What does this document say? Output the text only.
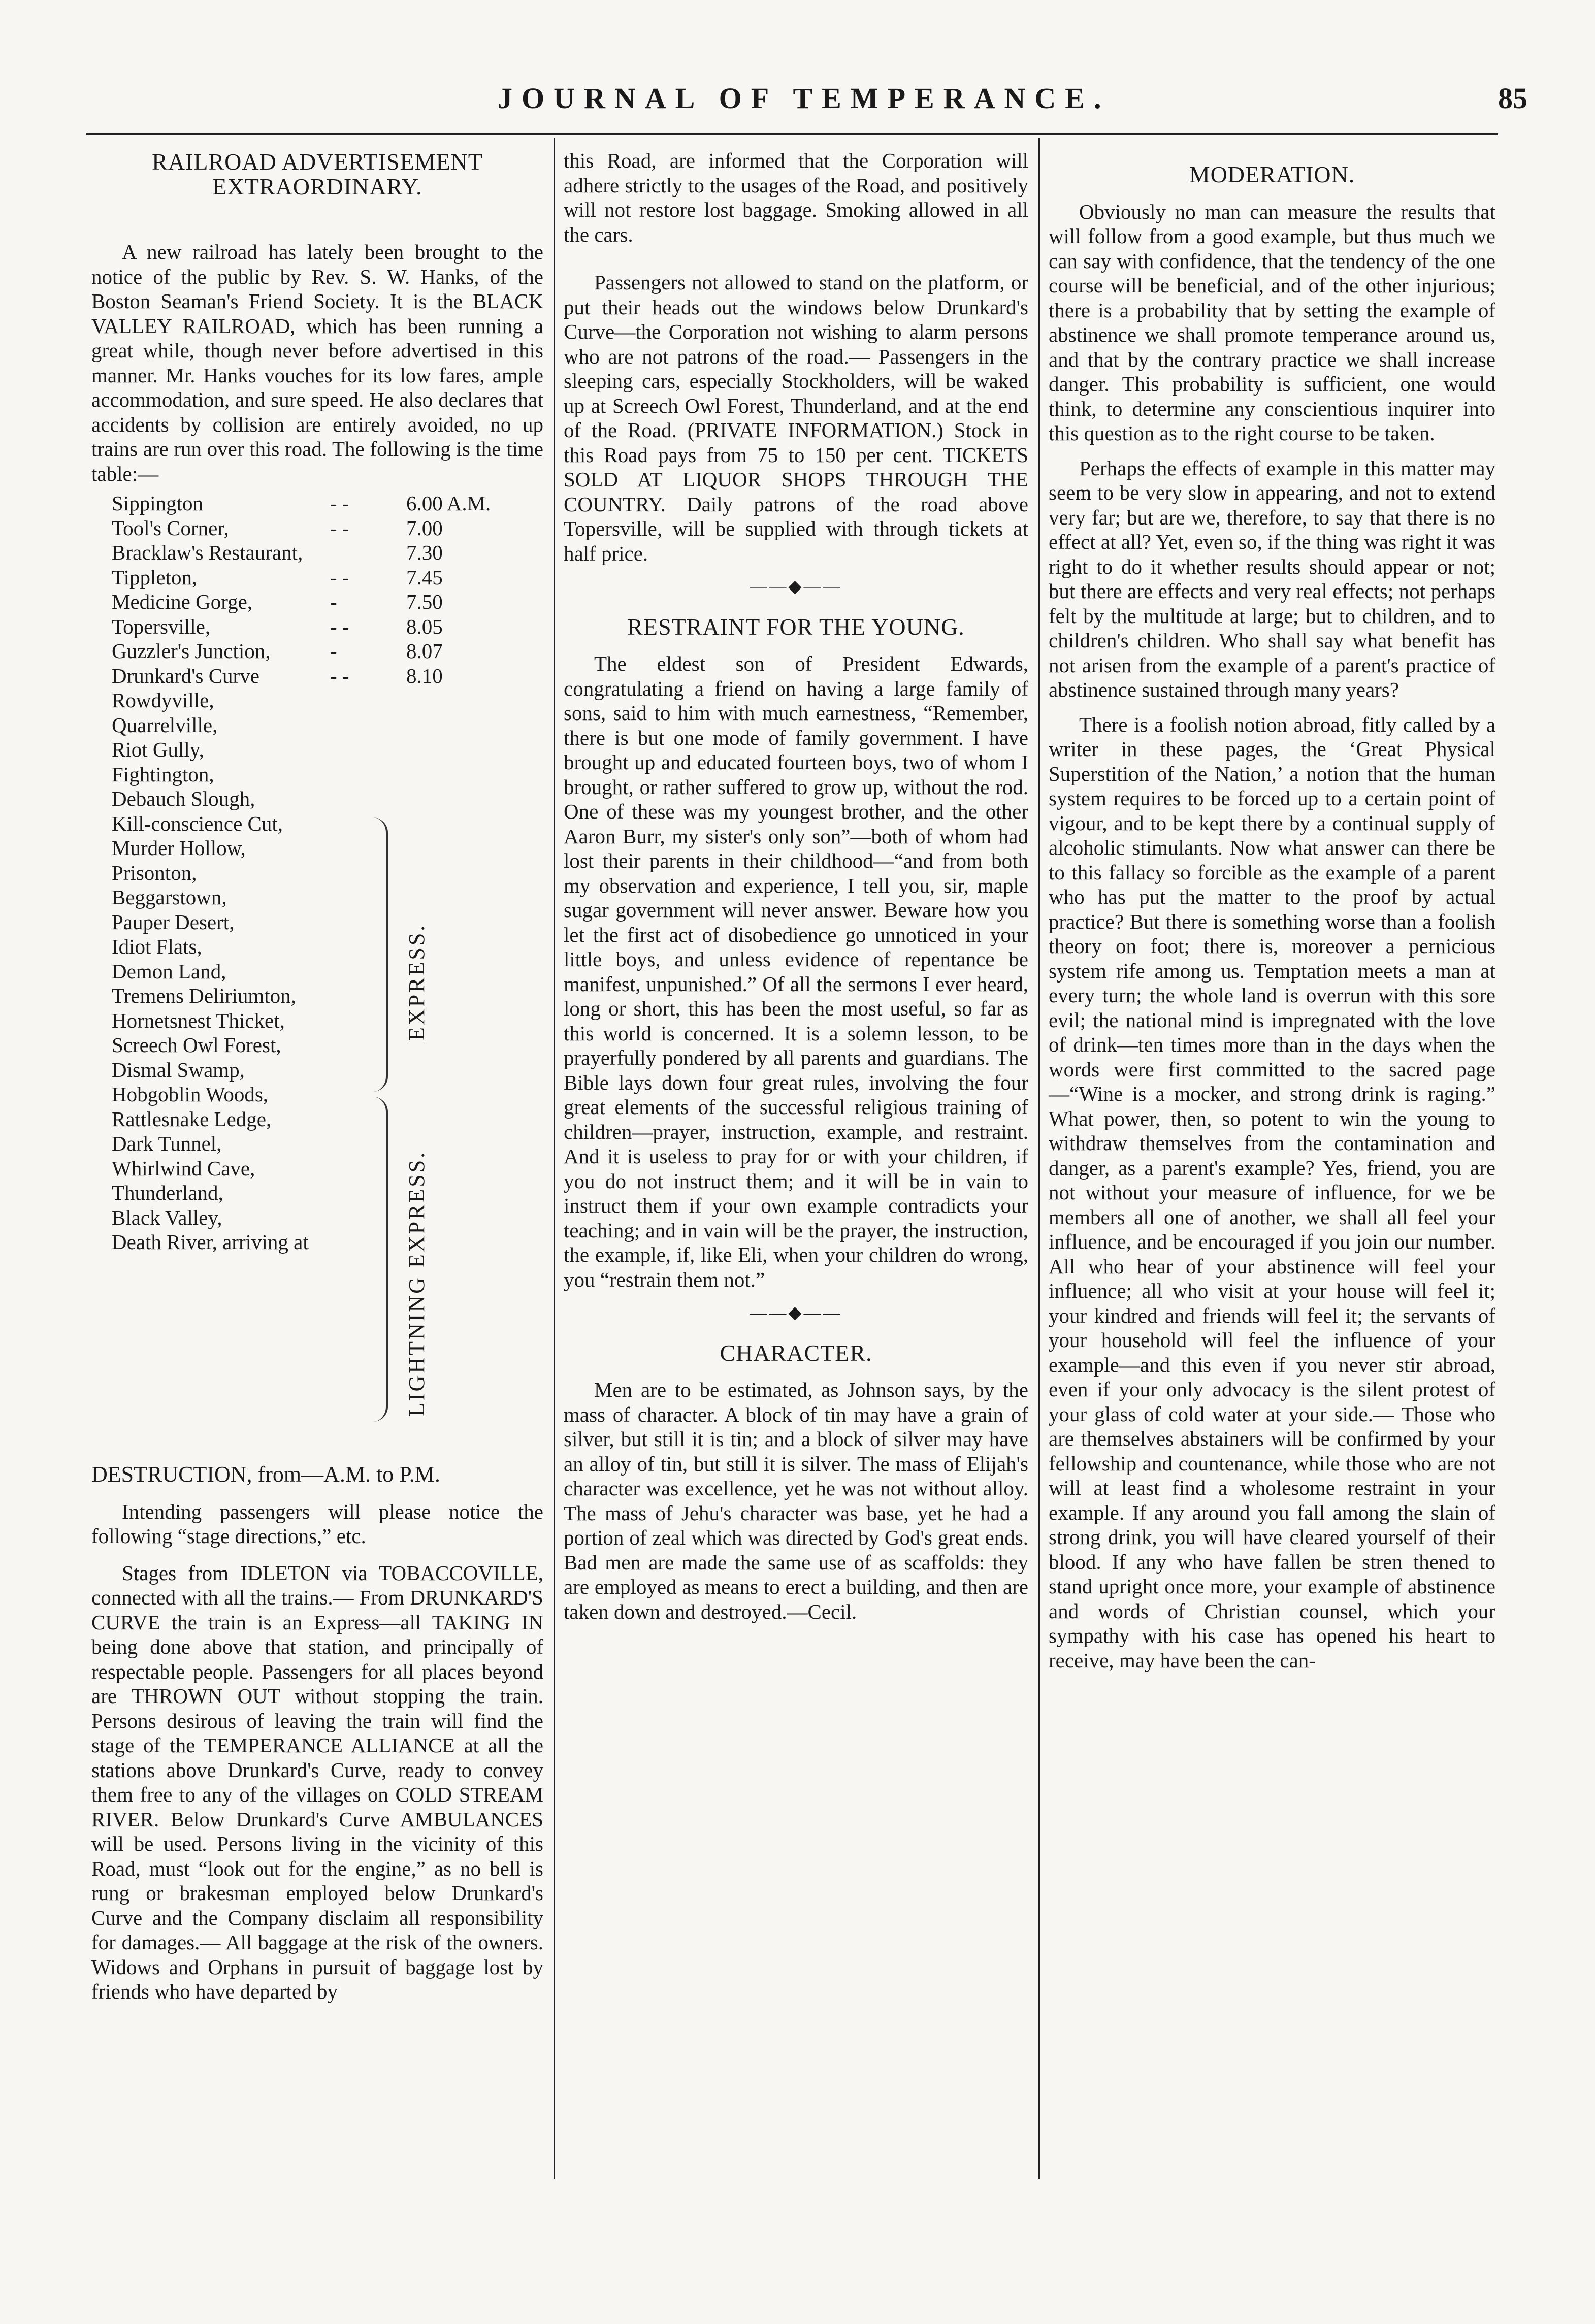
JOURNAL OF TEMPERANCE.	85
RAILROAD ADVERTISEMENT EXTRAORDINARY.

A new railroad has lately been brought to the notice of the public by Rev. S. W. Hanks, of the Boston Seaman's Friend Society. It is the BLACK VALLEY RAILROAD, which has been running a great while, though never before advertised in this manner. Mr. Hanks vouches for its low fares, ample accommodation, and sure speed. He also declares that accidents by collision are entirely avoided, no up trains are run over this road. The following is the time table:—

Sippington	- -	6.00 A.M.
Tool's Corner,	- -	7.00
Bracklaw's Restaurant,		7.30
Tippleton,	- -	7.45
Medicine Gorge,	-	7.50
Topersville,	- -	8.05
Guzzler's Junction,	-	8.07
Drunkard's Curve	- -	8.10
Rowdyville,
Quarrelville,
Riot Gully,
Fightington,
Debauch Slough,
Kill-conscience Cut,
Murder Hollow,
Prisonton,
Beggarstown,
Pauper Desert,
Idiot Flats,
Demon Land,
Tremens Deliriumton,
Hornetsnest Thicket,
Screech Owl Forest,
Dismal Swamp,
Hobgoblin Woods,
Rattlesnake Ledge,
Dark Tunnel,
Whirlwind Cave,
Thunderland,
Black Valley,
Death River, arriving at
EXPRESS.
LIGHTNING EXPRESS.

DESTRUCTION, from—A.M. to P.M.

Intending passengers will please notice the following “stage directions,” etc.

Stages from IDLETON via TOBACCOVILLE, connected with all the trains.— From DRUNKARD'S CURVE the train is an Express—all TAKING IN being done above that station, and principally of respectable people. Passengers for all places beyond are THROWN OUT without stopping the train. Persons desirous of leaving the train will find the stage of the TEMPERANCE ALLIANCE at all the stations above Drunkard's Curve, ready to convey them free to any of the villages on COLD STREAM RIVER. Below Drunkard's Curve AMBULANCES will be used. Persons living in the vicinity of this Road, must “look out for the engine,” as no bell is rung or brakesman employed below Drunkard's Curve and the Company disclaim all responsibility for damages.— All baggage at the risk of the owners. Widows and Orphans in pursuit of baggage lost by friends who have departed by

this Road, are informed that the Corporation will adhere strictly to the usages of the Road, and positively will not restore lost baggage. Smoking allowed in all the cars.

Passengers not allowed to stand on the platform, or put their heads out the windows below Drunkard's Curve—the Corporation not wishing to alarm persons who are not patrons of the road.— Passengers in the sleeping cars, especially Stockholders, will be waked up at Screech Owl Forest, Thunderland, and at the end of the Road. (PRIVATE INFORMATION.) Stock in this Road pays from 75 to 150 per cent. TICKETS SOLD AT LIQUOR SHOPS THROUGH THE COUNTRY. Daily patrons of the road above Topersville, will be supplied with through tickets at half price.

——◆——
RESTRAINT FOR THE YOUNG.

The eldest son of President Edwards, congratulating a friend on having a large family of sons, said to him with much earnestness, “Remember, there is but one mode of family government. I have brought up and educated fourteen boys, two of whom I brought, or rather suffered to grow up, without the rod. One of these was my youngest brother, and the other Aaron Burr, my sister's only son”—both of whom had lost their parents in their childhood—“and from both my observation and experience, I tell you, sir, maple sugar government will never answer. Beware how you let the first act of disobedience go unnoticed in your little boys, and unless evidence of repentance be manifest, unpunished.” Of all the sermons I ever heard, long or short, this has been the most useful, so far as this world is concerned. It is a solemn lesson, to be prayerfully pondered by all parents and guardians. The Bible lays down four great rules, involving the four great elements of the successful religious training of children—prayer, instruction, example, and restraint. And it is useless to pray for or with your children, if you do not instruct them; and it will be in vain to instruct them if your own example contradicts your teaching; and in vain will be the prayer, the instruction, the example, if, like Eli, when your children do wrong, you “restrain them not.”

——◆——
CHARACTER.

Men are to be estimated, as Johnson says, by the mass of character. A block of tin may have a grain of silver, but still it is tin; and a block of silver may have an alloy of tin, but still it is silver. The mass of Elijah's character was excellence, yet he was not without alloy. The mass of Jehu's character was base, yet he had a portion of zeal which was directed by God's great ends. Bad men are made the same use of as scaffolds: they are employed as means to erect a building, and then are taken down and destroyed.—Cecil.

MODERATION.

Obviously no man can measure the results that will follow from a good example, but thus much we can say with confidence, that the tendency of the one course will be beneficial, and of the other injurious; there is a probability that by setting the example of abstinence we shall promote temperance around us, and that by the contrary practice we shall increase danger. This probability is sufficient, one would think, to determine any conscientious inquirer into this question as to the right course to be taken.

Perhaps the effects of example in this matter may seem to be very slow in appearing, and not to extend very far; but are we, therefore, to say that there is no effect at all? Yet, even so, if the thing was right it was right to do it whether results should appear or not; but there are effects and very real effects; not perhaps felt by the multitude at large; but to children, and to children's children. Who shall say what benefit has not arisen from the example of a parent's practice of abstinence sustained through many years?

There is a foolish notion abroad, fitly called by a writer in these pages, the ‘Great Physical Superstition of the Nation,’ a notion that the human system requires to be forced up to a certain point of vigour, and to be kept there by a continual supply of alcoholic stimulants. Now what answer can there be to this fallacy so forcible as the example of a parent who has put the matter to the proof by actual practice? But there is something worse than a foolish theory on foot; there is, moreover a pernicious system rife among us. Temptation meets a man at every turn; the whole land is overrun with this sore evil; the national mind is impregnated with the love of drink—ten times more than in the days when the words were first committed to the sacred page—“Wine is a mocker, and strong drink is raging.” What power, then, so potent to win the young to withdraw themselves from the contamination and danger, as a parent's example? Yes, friend, you are not without your measure of influence, for we be members all one of another, we shall all feel your influence, and be encouraged if you join our number. All who hear of your abstinence will feel your influence; all who visit at your house will feel it; your kindred and friends will feel it; the servants of your household will feel the influence of your example—and this even if you never stir abroad, even if your only advocacy is the silent protest of your glass of cold water at your side.— Those who are themselves abstainers will be confirmed by your fellowship and countenance, while those who are not will at least find a wholesome restraint in your example. If any around you fall among the slain of strong drink, you will have cleared yourself of their blood. If any who have fallen be stren thened to stand upright once more, your example of abstinence and words of Christian counsel, which your sympathy with his case has opened his heart to receive, may have been the can-
